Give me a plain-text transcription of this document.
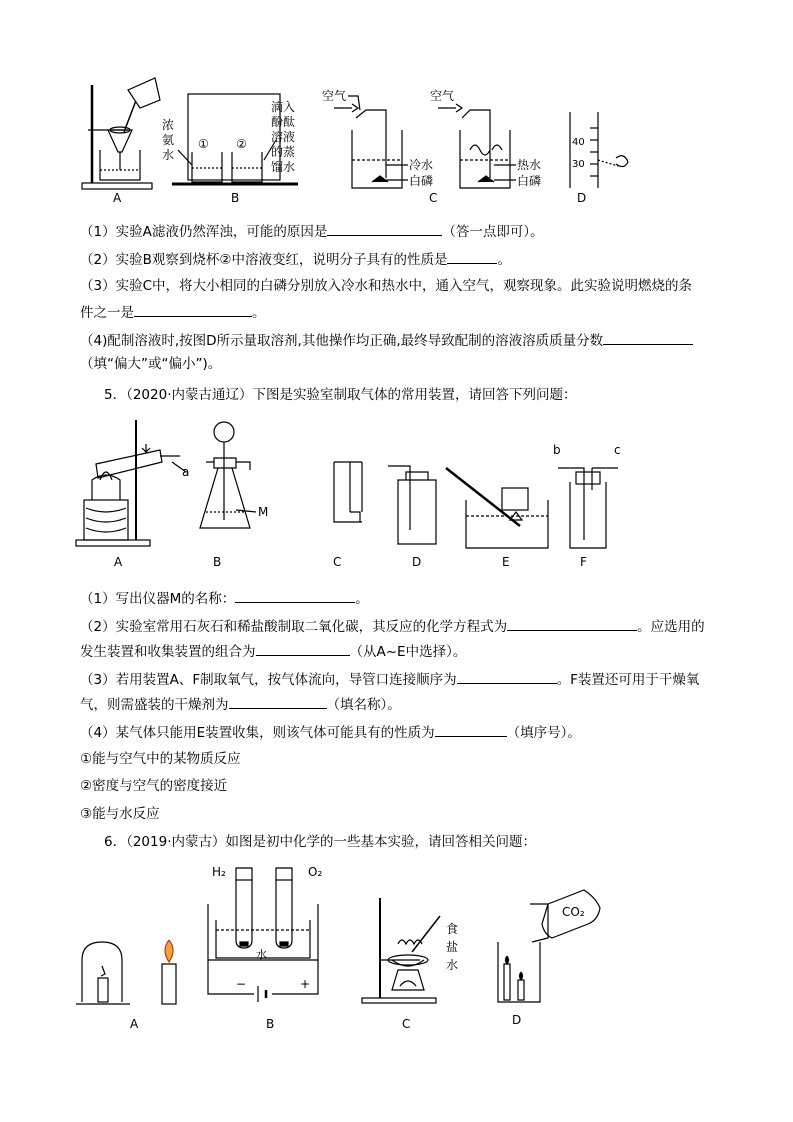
A	B	C	D
① ②
空气	空气
冷水
白磷
热水
白磷
40
30
浓
氨
水
滴入
酚酞
溶液
的蒸
馏水
（1）实验A滤液仍然浑浊，可能的原因是	（答一点即可）。
（2）实验B观察到烧杯②中溶液变红，说明分子具有的性质是	。
（3）实验C中，将大小相同的白磷分别放入冷水和热水中，通入空气，观察现象。此实验说明燃烧的条
件之一是	。
（4)配制溶液时,按图D所示量取溶剂,其他操作均正确,最终导致配制的溶液溶质质量分数
（填“偏大”或“偏小”)。
5．（2020·内蒙古通辽）下图是实验室制取气体的常用装置，请回答下列问题：
A	B	C	D	E	F
a
M
b	c
（1）写出仪器M的名称：	。
（2）实验室常用石灰石和稀盐酸制取二氧化碳，其反应的化学方程式为	。应选用的
发生装置和收集装置的组合为	（从A~E中选择）。
（3）若用装置A、F制取氧气，按气体流向，导管口连接顺序为	。F装置还可用于干燥氧
气，则需盛装的干燥剂为	（填名称）。
（4）某气体只能用E装置收集，则该气体可能具有的性质为	（填序号）。
①能与空气中的某物质反应
②密度与空气的密度接近
③能与水反应
6．（2019·内蒙古）如图是初中化学的一些基本实验，请回答相关问题：
A	B	C	D
H₂	O₂
水
−	+
CO₂
食
盐
水
